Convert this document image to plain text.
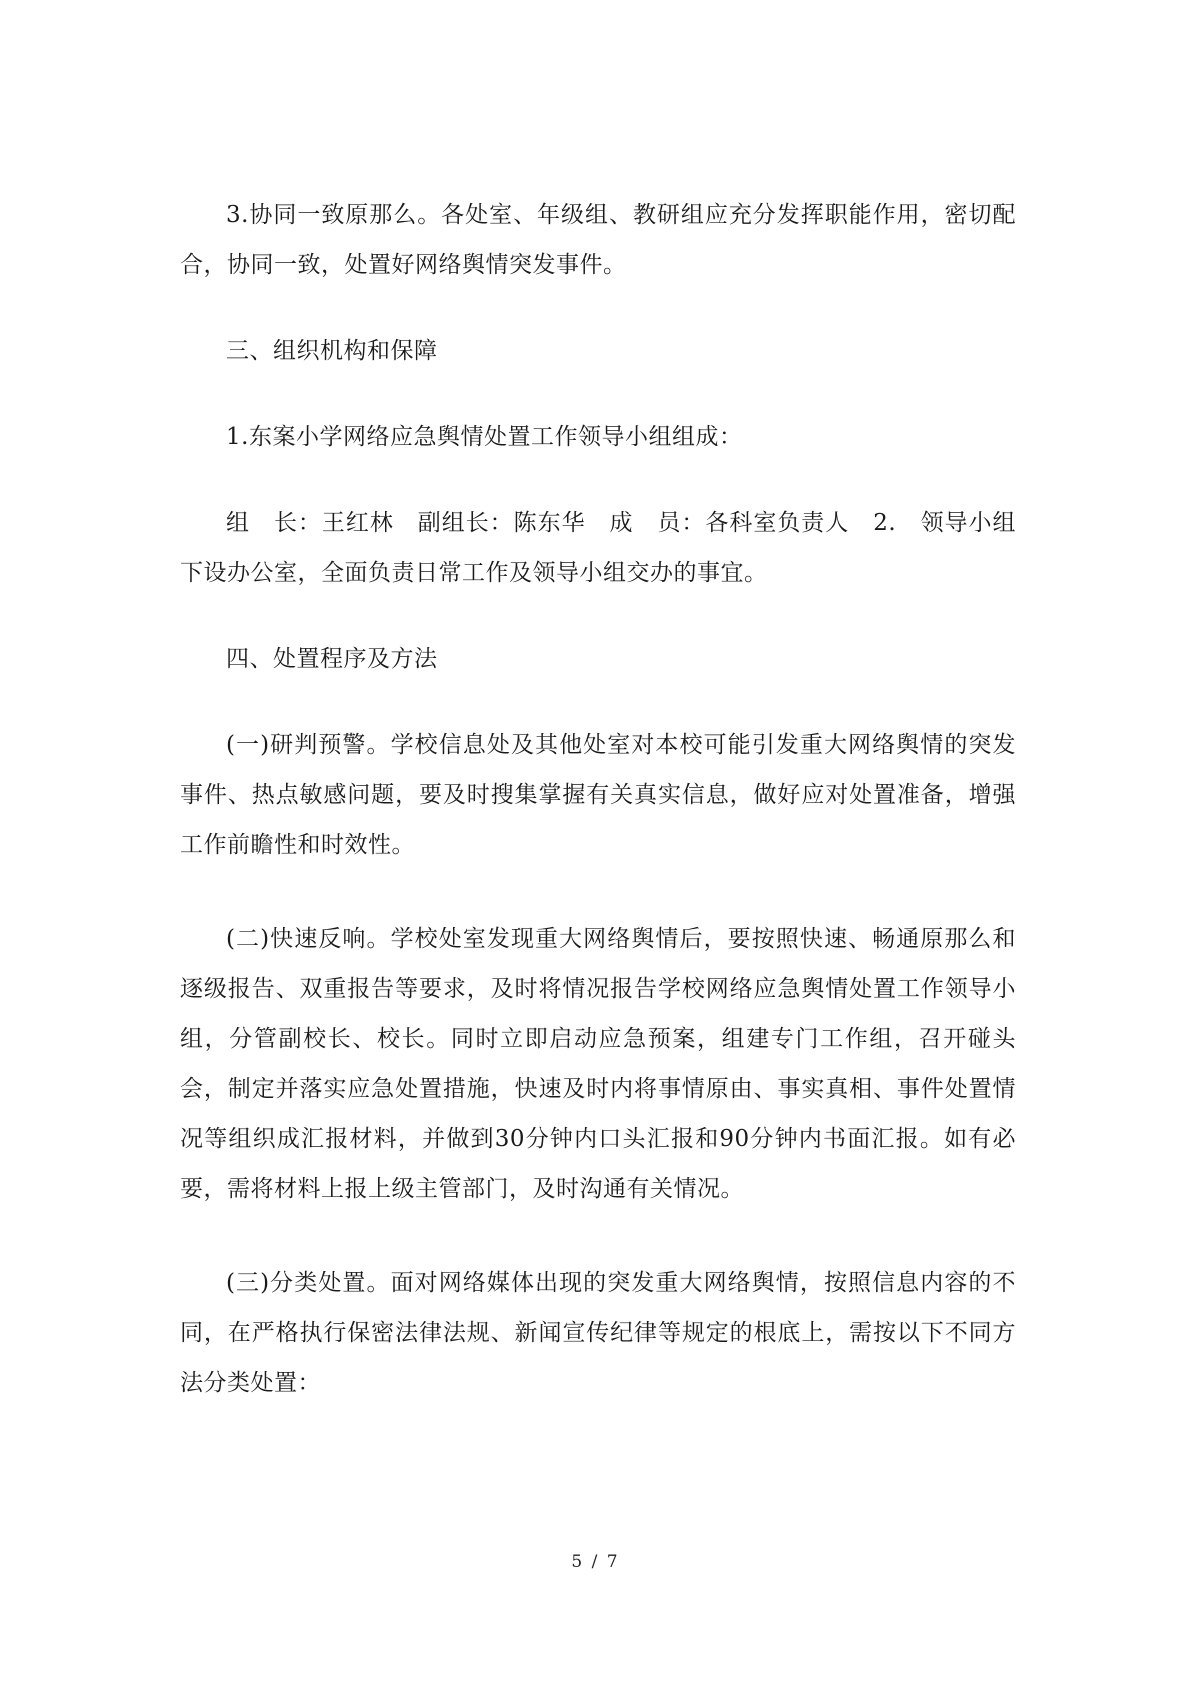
3.协同一致原那么。各处室、年级组、教研组应充分发挥职能作用，密切配合，协同一致，处置好网络舆情突发事件。

三、组织机构和保障

1.东案小学网络应急舆情处置工作领导小组组成：

组　长：王红林　副组长：陈东华　成　员：各科室负责人　2.　领导小组下设办公室，全面负责日常工作及领导小组交办的事宜。

四、处置程序及方法

(一)研判预警。学校信息处及其他处室对本校可能引发重大网络舆情的突发事件、热点敏感问题，要及时搜集掌握有关真实信息，做好应对处置准备，增强工作前瞻性和时效性。

(二)快速反响。学校处室发现重大网络舆情后，要按照快速、畅通原那么和逐级报告、双重报告等要求，及时将情况报告学校网络应急舆情处置工作领导小组，分管副校长、校长。同时立即启动应急预案，组建专门工作组，召开碰头会，制定并落实应急处置措施，快速及时内将事情原由、事实真相、事件处置情况等组织成汇报材料，并做到30分钟内口头汇报和90分钟内书面汇报。如有必要，需将材料上报上级主管部门，及时沟通有关情况。

(三)分类处置。面对网络媒体出现的突发重大网络舆情，按照信息内容的不同，在严格执行保密法律法规、新闻宣传纪律等规定的根底上，需按以下不同方法分类处置：

5 / 7
